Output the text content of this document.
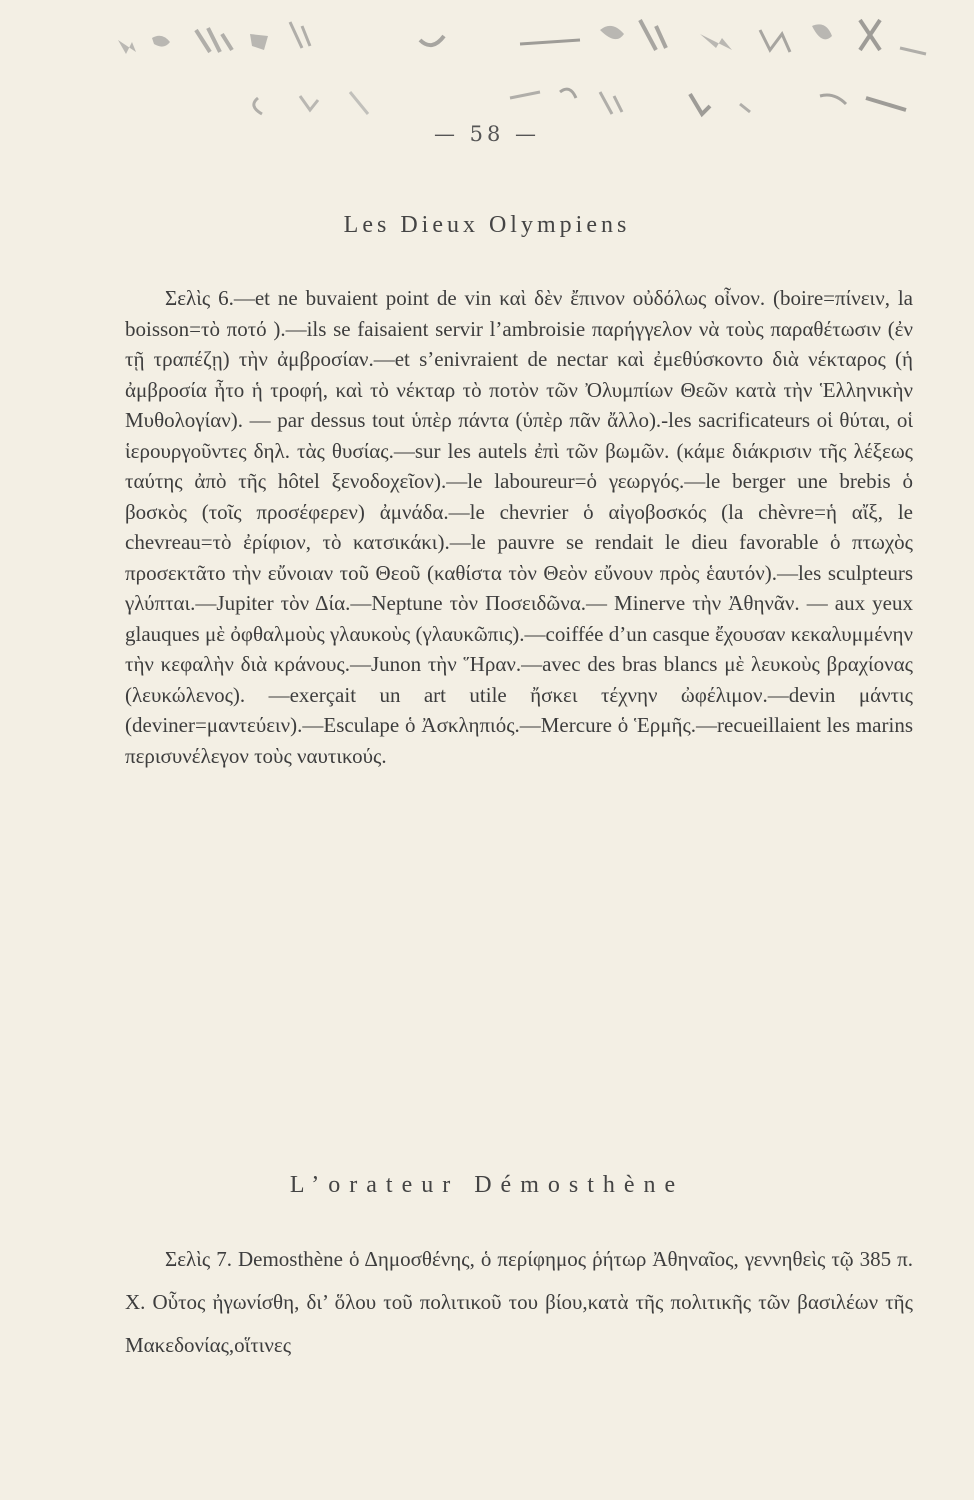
— 58 —
Les Dieux Olympiens
Σελὶς 6.—et ne buvaient point de vin καὶ δὲν ἔπινον οὐδόλως οἶνον. (boire=πίνειν, la boisson=τὸ ποτό ).—ils se faisaient servir l’ambroisie παρήγγελον νὰ τοὺς παραθέτωσιν (ἐν τῇ τραπέζῃ) τὴν ἀμβροσίαν.—et s’enivraient de nectar καὶ ἐμεθύσκοντο διὰ νέκταρος (ἡ ἀμβροσία ἦτο ἡ τροφή, καὶ τὸ νέκταρ τὸ ποτὸν τῶν Ὀλυμπίων Θεῶν κατὰ τὴν Ἑλληνικὴν Μυθολογίαν). — par dessus tout ὑπὲρ πάντα (ὑπὲρ πᾶν ἄλλο).-les sacrificateurs οἱ θύται, οἱ ἱερουργοῦντες δηλ. τὰς θυσίας.—sur les autels ἐπὶ τῶν βωμῶν. (κάμε διάκρισιν τῆς λέξεως ταύτης ἀπὸ τῆς hôtel ξενοδοχεῖον).—le laboureur=ὁ γεωργός.—le berger une brebis ὁ βοσκὸς (τοῖς προσέφερεν) ἀμνάδα.—le chevrier ὁ αἰγοβοσκός (la chèvre=ἡ αἴξ, le chevreau=τὸ ἐρίφιον, τὸ κατσικάκι).—le pauvre se rendait le dieu favorable ὁ πτωχὸς προσεκτᾶτο τὴν εὔνοιαν τοῦ Θεοῦ (καθίστα τὸν Θεὸν εὔνουν πρὸς ἑαυτόν).—les sculpteurs γλύπται.—Jupiter τὸν Δία.—Neptune τὸν Ποσειδῶνα.— Minerve τὴν Ἀθηνᾶν. — aux yeux glauques μὲ ὀφθαλμοὺς γλαυκοὺς (γλαυκῶπις).—coiffée d’un casque ἔχουσαν κεκαλυμμένην τὴν κεφαλὴν διὰ κράνους.—Junon τὴν Ἥραν.—avec des bras blancs μὲ λευκοὺς βραχίονας (λευκώλενος). —exerçait un art utile ἤσκει τέχνην ὠφέλιμον.—devin μάντις (deviner=μαντεύειν).—Esculape ὁ Ἀσκληπιός.—Mercure ὁ Ἑρμῆς.—recueillaient les marins περισυνέλεγον τοὺς ναυτικούς.
L’orateur Démosthène
Σελὶς 7. Demosthène ὁ Δημοσθένης, ὁ περίφημος ῥήτωρ Ἀθηναῖος, γεννηθεὶς τῷ 385 π. Χ. Οὗτος ἠγωνίσθη, δι’ ὅλου τοῦ πολιτικοῦ του βίου,κατὰ τῆς πολιτικῆς τῶν βασιλέων τῆς Μακεδονίας,οἵτινες
